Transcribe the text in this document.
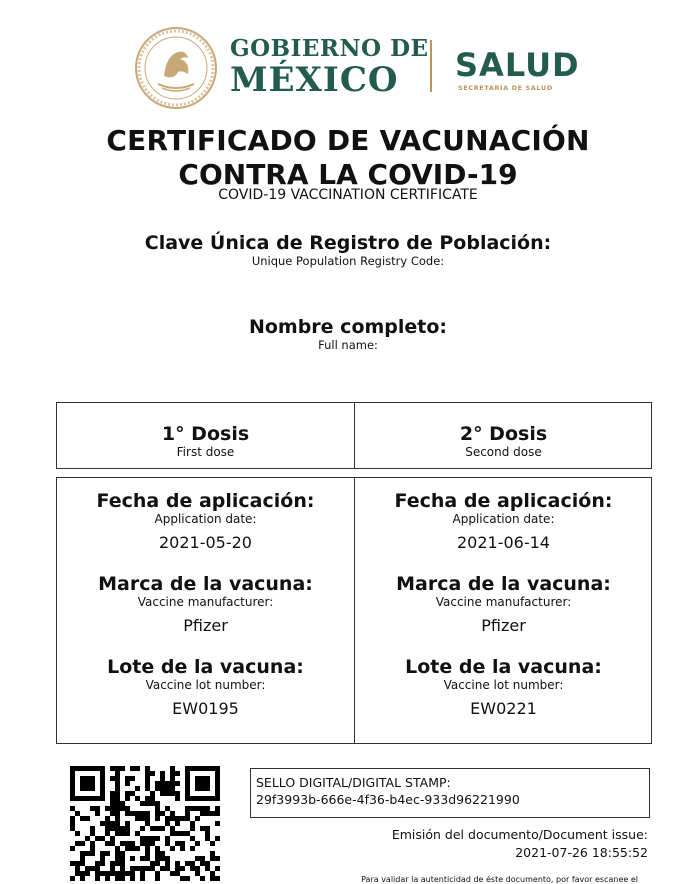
GOBIERNO DE
MÉXICO SALUD
SECRETARÍA DE SALUD
CERTIFICADO DE VACUNACIÓN
CONTRA LA COVID-19
COVID-19 VACCINATION CERTIFICATE
Clave Única de Registro de Población:
Unique Population Registry Code:
Nombre completo:
Full name:
1° Dosis
First dose
2° Dosis
Second dose
Fecha de aplicación:
Application date:
2021-05-20
Marca de la vacuna:
Vaccine manufacturer:
Pfizer
Lote de la vacuna:
Vaccine lot number:
EW0195
Fecha de aplicación:
Application date:
2021-06-14
Marca de la vacuna:
Vaccine manufacturer:
Pfizer
Lote de la vacuna:
Vaccine lot number:
EW0221
SELLO DIGITAL/DIGITAL STAMP:
29f3993b-666e-4f36-b4ec-933d96221990
Emisión del documento/Document issue:
2021-07-26 18:55:52
Para validar la autenticidad de éste documento, por favor escanee el
